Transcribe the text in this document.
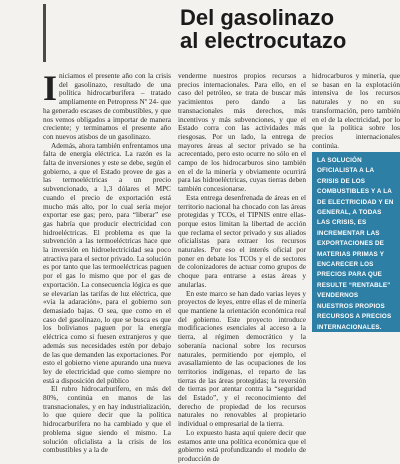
Del gasolinazo
al electrocutazo

Iniciamos el presente año con la crisis del gasolinazo, resultado de una política hidrocarburífera – tratado ampliamente en Petropress Nº 24- que ha generado escases de combustibles, y que nos vemos obligados a importar de manera creciente; y terminamos el presente año con nuevos atisbos de un gasolinazo.

Además, ahora también enfrentamos una falta de energía eléctrica. La razón es la falta de inversiones y este se debe, según el gobierno, a que el Estado provee de gas a las termoeléctricas a un precio subvencionado, a 1,3 dólares el MPC cuando el precio de exportación está mucho más alto, por lo cual sería mejor exportar ese gas; pero, para “liberar” ese gas habría que producir electricidad con hidroeléctricas. El problema es que la subvención a las termoeléctricas hace que la inversión en hidroelectricidad sea poco atractiva para el sector privado. La solución es por tanto que las termoeléctricas paguen por el gas lo mismo que por el gas de exportación. La consecuencia lógica es que se elevarían las tarifas de luz eléctrica, que «vía la adaración», para el gobierno son demasiado bajas. O sea, que como en el caso del gasolinazo, lo que se busca es que los bolivianos paguen por la energía eléctrica como si fuesen extranjeros y que además sus necesidades estén por debajo de las que demanden las exportaciones. Por esto el gobierno viene apurando una nueva ley de electricidad que como siempre no está a disposición del público

El rubro hidrocarburífero, en más del 80%, continúa en manos de las transnacionales, y en hay industrialización, lo que quiere decir que la política hidrocarburífera no ha cambiado y que el problema sigue siendo el mismo. La solución oficialista a la crisis de los combustibles y a la de

venderme nuestros propios recursos a precios internacionales. Para ello, en el caso del petróleo, se trata de buscar más yacimientos pero dando a las transnacionales más derechos, más incentivos y más subvenciones, y que el Estado corra con las actividades más riesgosas. Por un lado, la entrega de mayores áreas al sector privado se ha acrecentado, pero esto ocurre no sólo en el campo de los hidrocarburos sino también en el de la minería y obviamente ocurrirá para las hidroeléctricas, cuyas tierras deben también concesionarse.

Esta entrega desenfrenada de áreas en el territorio nacional ha chocado con las áreas protegidas y TCOs, el TIPNIS entre ellas-porque estos limitan la libertad de acción que reclama el sector privado y sus aliados oficialistas para extraer los recursos naturales. Por eso el interés oficial por poner en debate los TCOs y el de sectores de colonizadores de actuar como grupos de choque para entrarse a estas áreas y anularlas.

En este marco se han dado varias leyes y proyectos de leyes, entre ellas el de minería que mantiene la orientación económica real del gobierno. Este proyecto introduce modificaciones esenciales al acceso a la tierra, al régimen democrático y la soberanía nacional sobre los recursos naturales, permitiendo por ejemplo, el avasallamiento de las ocupaciones de los territorios indígenas, el reparto de las tierras de las áreas protegidas; la reversión de tierras por atentar contra la “seguridad del Estado”, y el reconocimiento del derecho de propiedad de los recursos naturales no renovables al propietario individual o empresarial de la tierra.

Lo expuesto hasta aquí quiere decir que estamos ante una política económica que el gobierno está profundizando el modelo de producción de

hidrocarburos y minería, que se basan en la explotación intensiva de los recursos naturales y no en su transformación, pero también en el de la electricidad, por lo que la política sobre los precios internacionales continúa.

LA SOLUCIÓN OFICIALISTA A LA CRISIS DE LOS COMBUSTIBLES Y A LA DE ELECTRICIDAD Y EN GENERAL, A TODAS LAS CRISIS, ES INCREMENTAR LAS EXPORTACIONES DE MATERIAS PRIMAS Y ENCARECER LOS PRECIOS PARA QUE RESULTE “RENTABLE” VENDERNOS NUESTROS PROPIOS RECURSOS A PRECIOS INTERNACIONALES.
